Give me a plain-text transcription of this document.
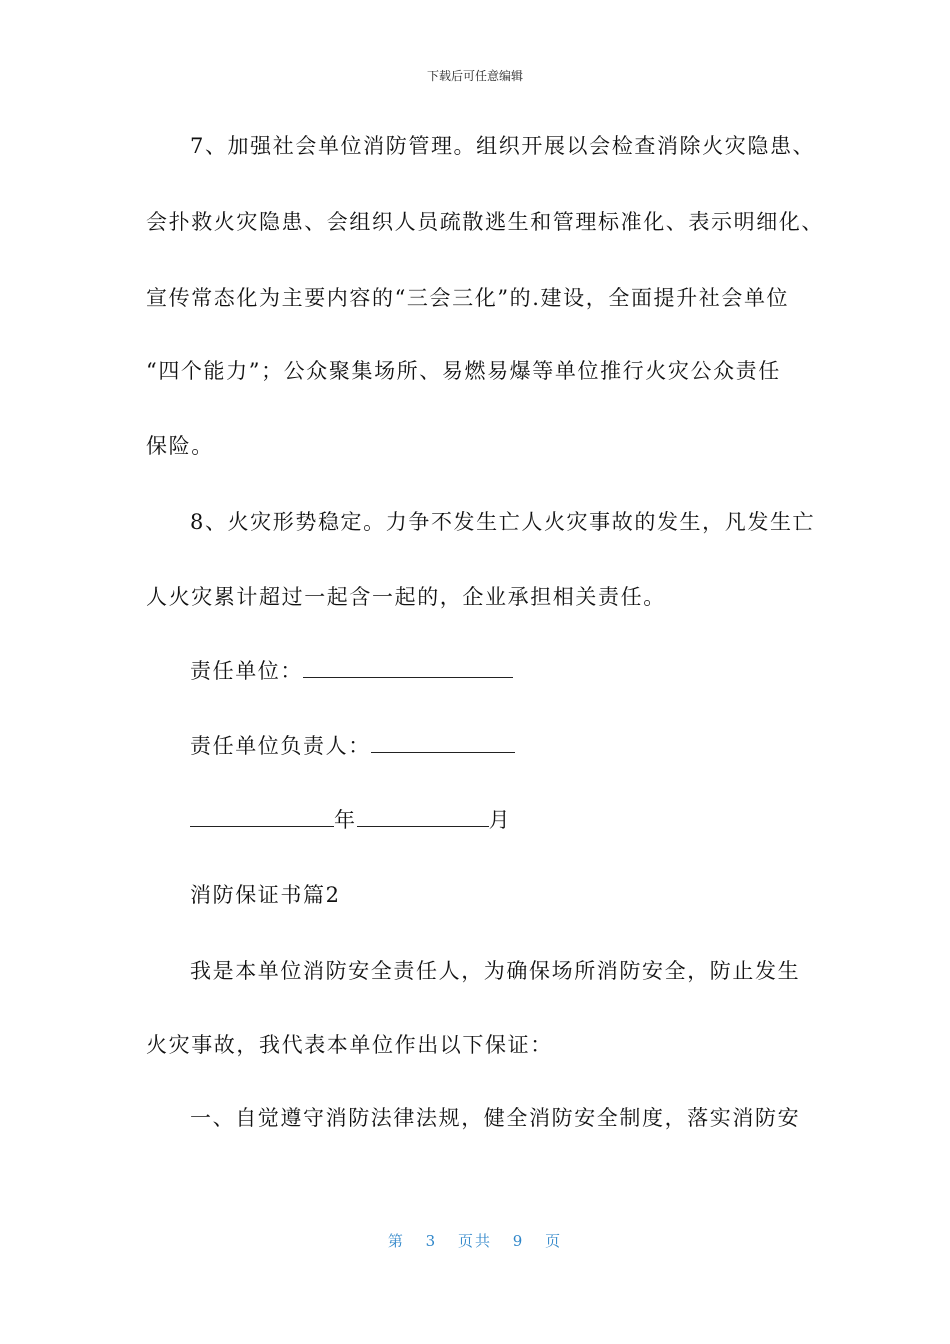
下载后可任意编辑
7、加强社会单位消防管理。组织开展以会检查消除火灾隐患、
会扑救火灾隐患、会组织人员疏散逃生和管理标准化、表示明细化、
宣传常态化为主要内容的“三会三化”的.建设，全面提升社会单位
“四个能力”；公众聚集场所、易燃易爆等单位推行火灾公众责任
保险。
8、火灾形势稳定。力争不发生亡人火灾事故的发生，凡发生亡
人火灾累计超过一起含一起的，企业承担相关责任。
责任单位：
责任单位负责人：
年	月
消防保证书篇2
我是本单位消防安全责任人，为确保场所消防安全，防止发生
火灾事故，我代表本单位作出以下保证：
一、自觉遵守消防法律法规，健全消防安全制度，落实消防安
第 3 页共 9 页
